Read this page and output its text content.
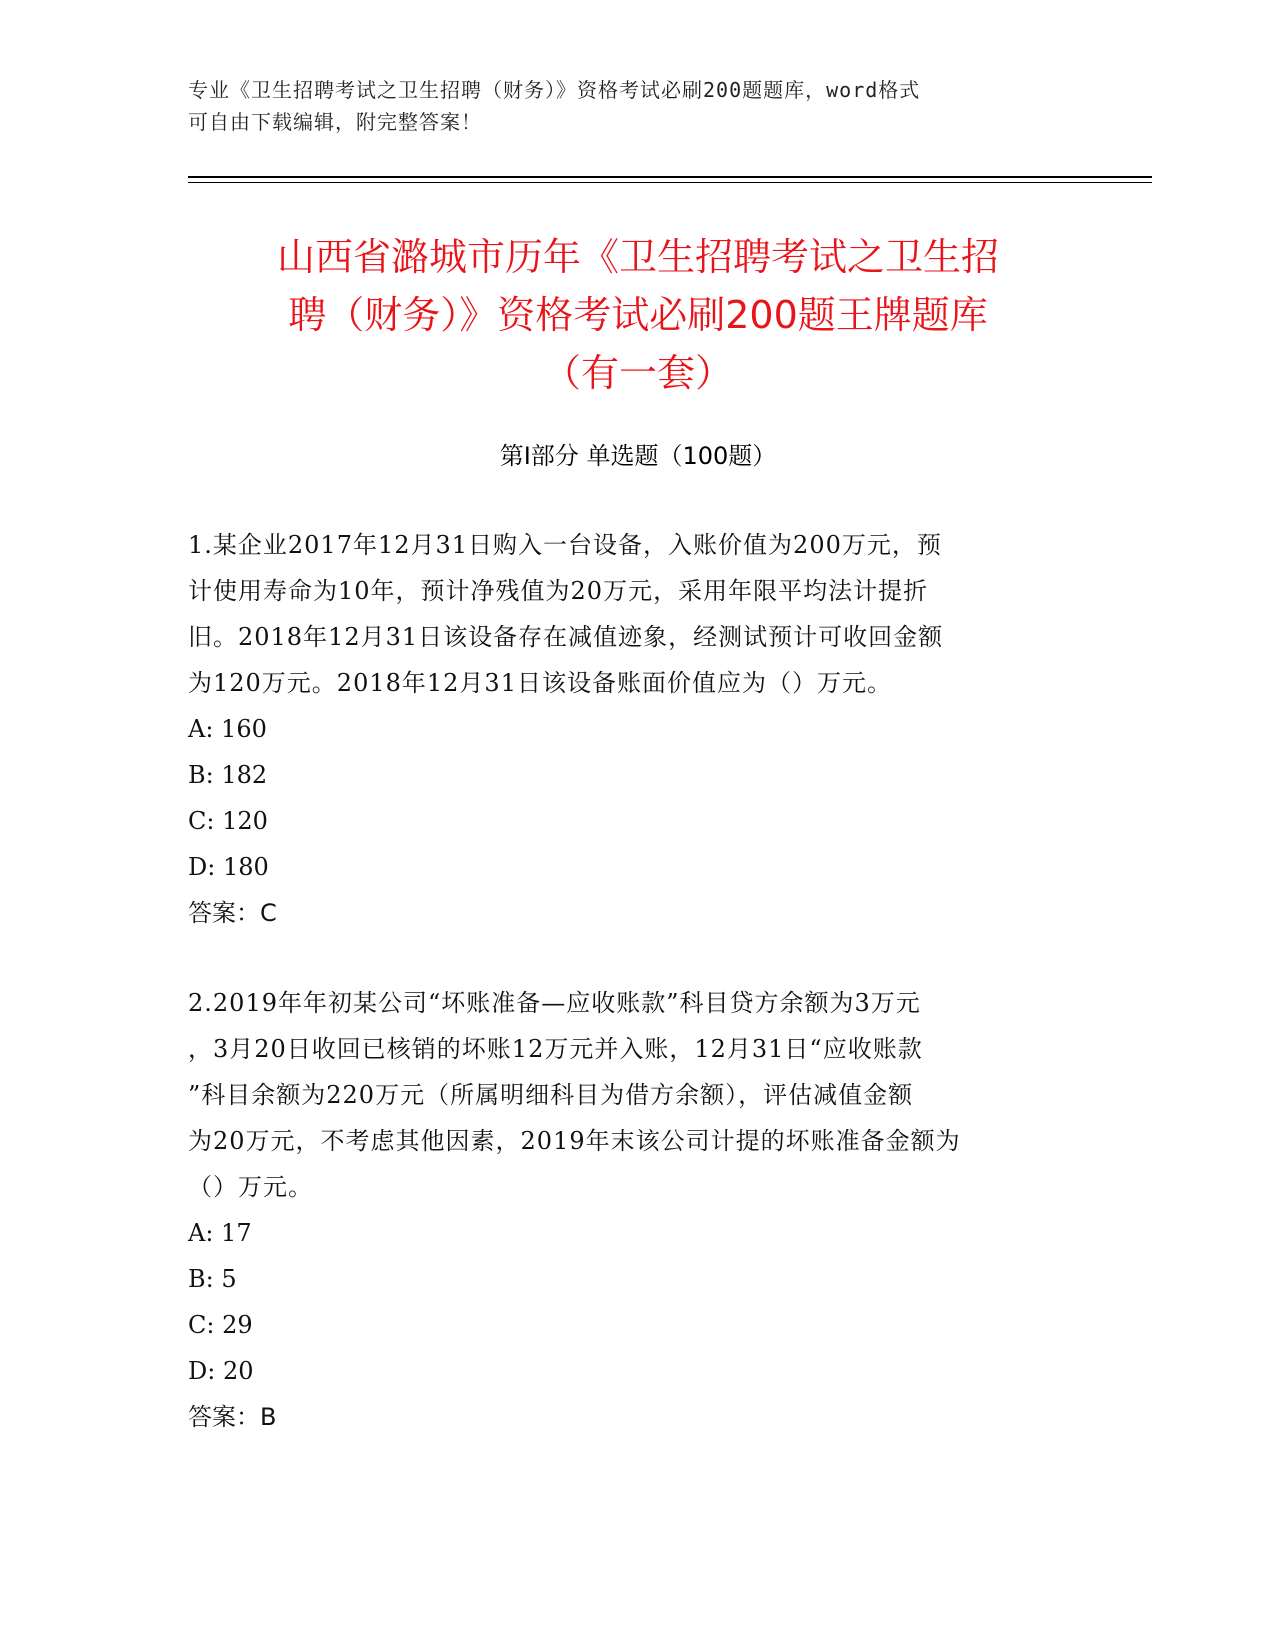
专业《卫生招聘考试之卫生招聘（财务）》资格考试必刷200题题库，word格式
可自由下载编辑，附完整答案！
山西省潞城市历年《卫生招聘考试之卫生招
聘（财务）》资格考试必刷200题王牌题库
（有一套）
第Ⅰ部分 单选题（100题）
1.某企业2017年12月31日购入一台设备，入账价值为200万元，预
计使用寿命为10年，预计净残值为20万元，采用年限平均法计提折
旧。2018年12月31日该设备存在减值迹象，经测试预计可收回金额
为120万元。2018年12月31日该设备账面价值应为（）万元。
A: 160
B: 182
C: 120
D: 180
答案：C
2.2019年年初某公司“坏账准备—应收账款”科目贷方余额为3万元
，3月20日收回已核销的坏账12万元并入账，12月31日“应收账款
”科目余额为220万元（所属明细科目为借方余额），评估减值金额
为20万元，不考虑其他因素，2019年末该公司计提的坏账准备金额为
（）万元。
A: 17
B: 5
C: 29
D: 20
答案：B
